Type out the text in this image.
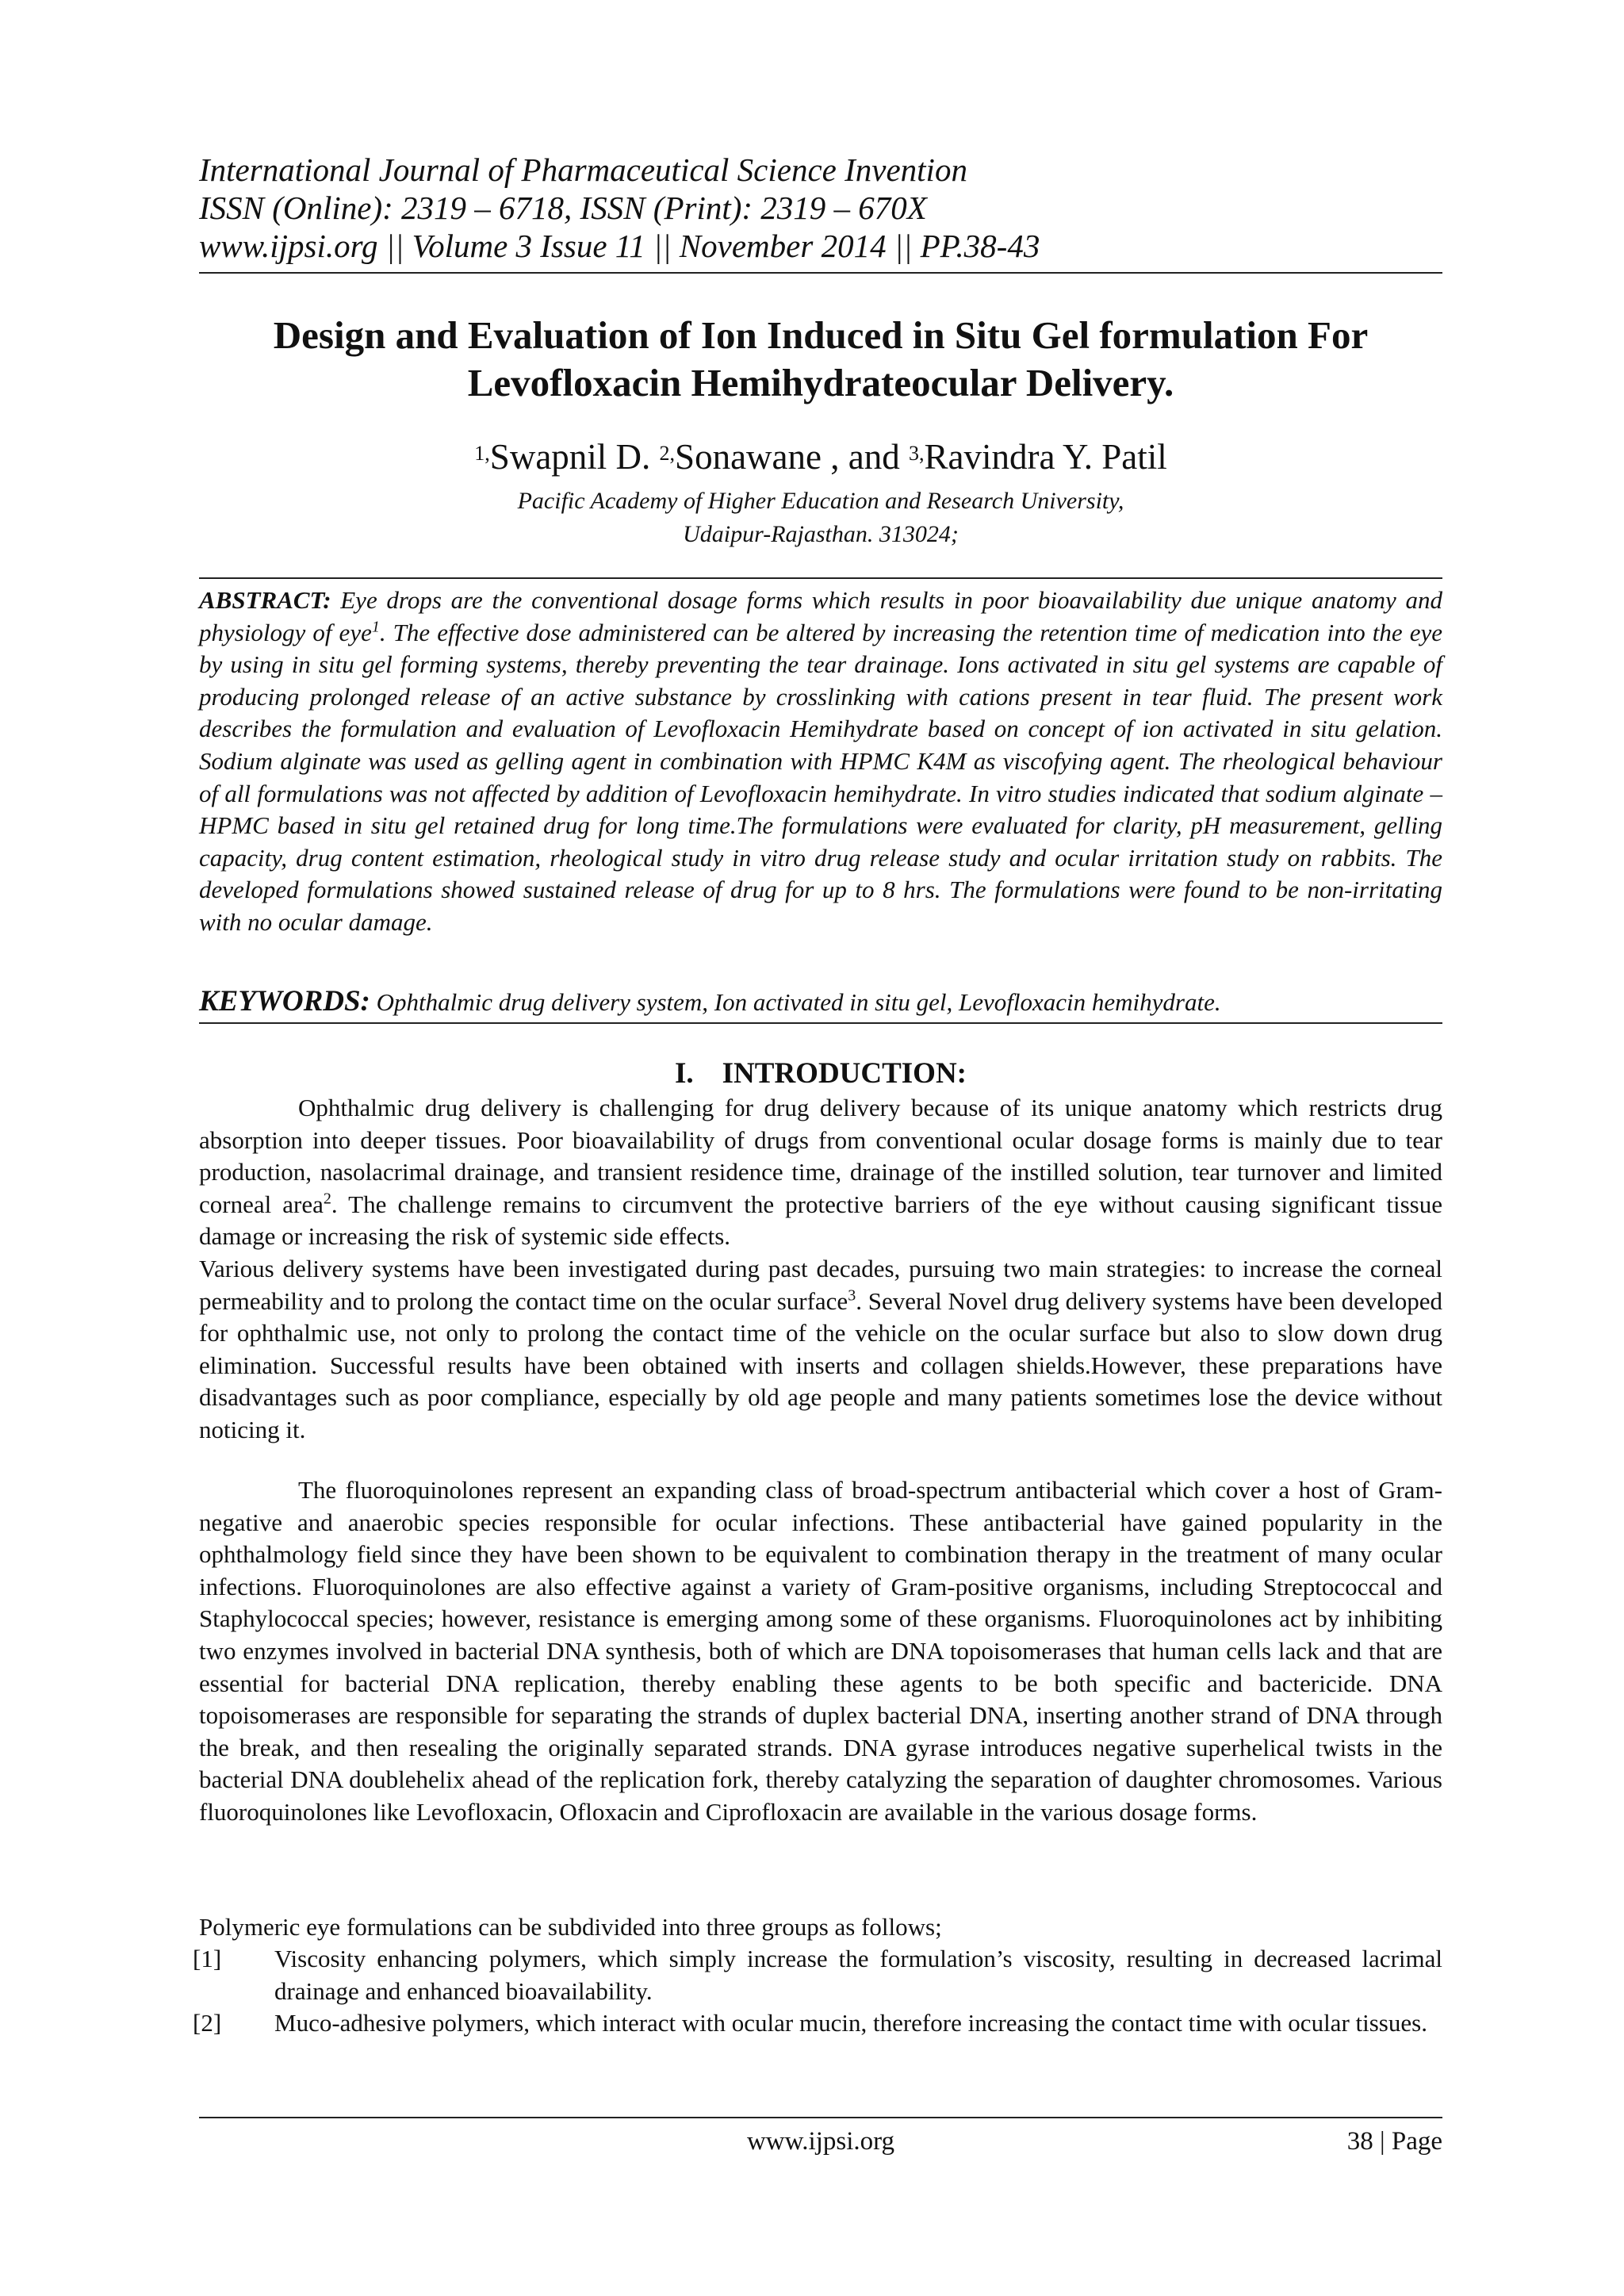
International Journal of Pharmaceutical Science Invention
ISSN (Online): 2319 – 6718, ISSN (Print): 2319 – 670X
www.ijpsi.org || Volume 3 Issue 11 || November 2014 || PP.38-43
Design and Evaluation of Ion Induced in Situ Gel formulation For
Levofloxacin Hemihydrateocular Delivery.
$^{1,}$Swapnil D. $^{2,}$Sonawane , and $^{3,}$Ravindra Y. Patil
Pacific Academy of Higher Education and Research University,
Udaipur-Rajasthan. 313024;
ABSTRACT: Eye drops are the conventional dosage forms which results in poor bioavailability due unique anatomy and physiology of eye$^1$. The effective dose administered can be altered by increasing the retention time of medication into the eye by using in situ gel forming systems, thereby preventing the tear drainage. Ions activated in situ gel systems are capable of producing prolonged release of an active substance by crosslinking with cations present in tear fluid. The present work describes the formulation and evaluation of Levofloxacin Hemihydrate based on concept of ion activated in situ gelation. Sodium alginate was used as gelling agent in combination with HPMC K4M as viscofying agent. The rheological behaviour of all formulations was not affected by addition of Levofloxacin hemihydrate. In vitro studies indicated that sodium alginate – HPMC based in situ gel retained drug for long time.The formulations were evaluated for clarity, pH measurement, gelling capacity, drug content estimation, rheological study in vitro drug release study and ocular irritation study on rabbits. The developed formulations showed sustained release of drug for up to 8 hrs. The formulations were found to be non-irritating with no ocular damage.
KEYWORDS: Ophthalmic drug delivery system, Ion activated in situ gel, Levofloxacin hemihydrate.
I. INTRODUCTION:

Ophthalmic drug delivery is challenging for drug delivery because of its unique anatomy which restricts drug absorption into deeper tissues. Poor bioavailability of drugs from conventional ocular dosage forms is mainly due to tear production, nasolacrimal drainage, and transient residence time, drainage of the instilled solution, tear turnover and limited corneal area$^2$. The challenge remains to circumvent the protective barriers of the eye without causing significant tissue damage or increasing the risk of systemic side effects.

Various delivery systems have been investigated during past decades, pursuing two main strategies: to increase the corneal permeability and to prolong the contact time on the ocular surface$^3$. Several Novel drug delivery systems have been developed for ophthalmic use, not only to prolong the contact time of the vehicle on the ocular surface but also to slow down drug elimination. Successful results have been obtained with inserts and collagen shields.However, these preparations have disadvantages such as poor compliance, especially by old age people and many patients sometimes lose the device without noticing it.

The fluoroquinolones represent an expanding class of broad-spectrum antibacterial which cover a host of Gram-negative and anaerobic species responsible for ocular infections. These antibacterial have gained popularity in the ophthalmology field since they have been shown to be equivalent to combination therapy in the treatment of many ocular infections. Fluoroquinolones are also effective against a variety of Gram-positive organisms, including Streptococcal and Staphylococcal species; however, resistance is emerging among some of these organisms. Fluoroquinolones act by inhibiting two enzymes involved in bacterial DNA synthesis, both of which are DNA topoisomerases that human cells lack and that are essential for bacterial DNA replication, thereby enabling these agents to be both specific and bactericide. DNA topoisomerases are responsible for separating the strands of duplex bacterial DNA, inserting another strand of DNA through the break, and then resealing the originally separated strands. DNA gyrase introduces negative superhelical twists in the bacterial DNA doublehelix ahead of the replication fork, thereby catalyzing the separation of daughter chromosomes. Various fluoroquinolones like Levofloxacin, Ofloxacin and Ciprofloxacin are available in the various dosage forms.

Polymeric eye formulations can be subdivided into three groups as follows;

[1]	Viscosity enhancing polymers, which simply increase the formulation’s viscosity, resulting in decreased lacrimal drainage and enhanced bioavailability.
[2]	Muco-adhesive polymers, which interact with ocular mucin, therefore increasing the contact time with ocular tissues.
www.ijpsi.org	38 | Page
